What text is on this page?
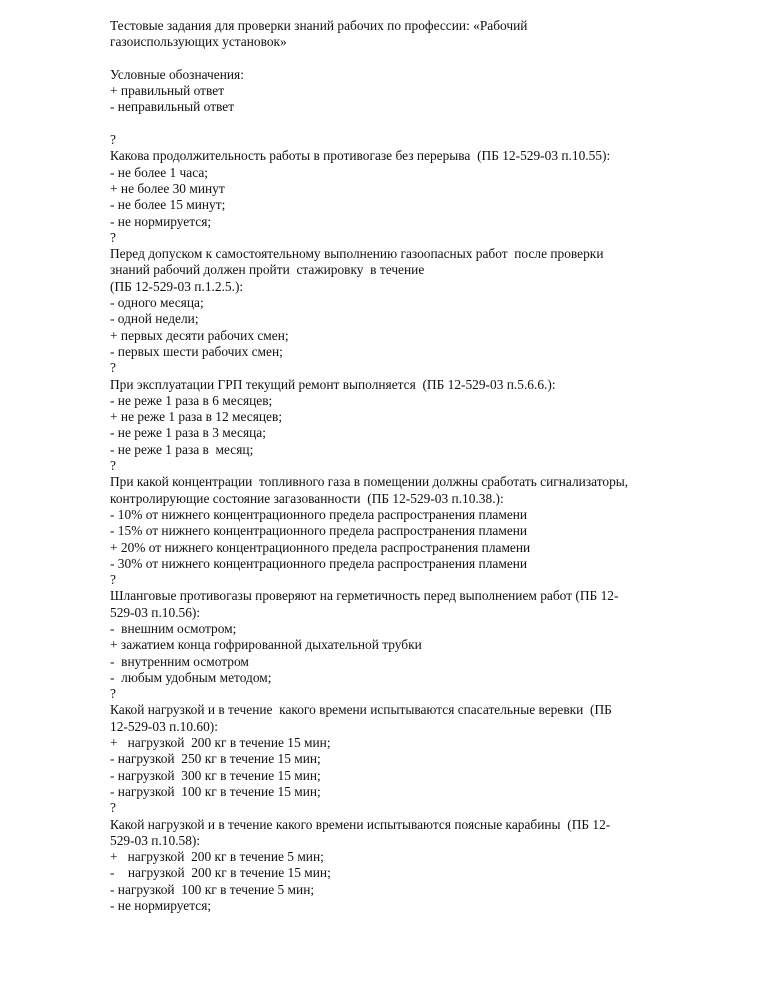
Тестовые задания для проверки знаний рабочих по профессии: «Рабочий

газоиспользующих установок»

Условные обозначения:

+ правильный ответ

- неправильный ответ

?

Какова продолжительность работы в противогазе без перерыва  (ПБ 12-529-03 п.10.55):

- не более 1 часа;

+ не более 30 минут

- не более 15 минут;

- не нормируется;

?

Перед допуском к самостоятельному выполнению газоопасных работ  после проверки

знаний рабочий должен пройти  стажировку  в течение

(ПБ 12-529-03 п.1.2.5.):

- одного месяца;

- одной недели;

+ первых десяти рабочих смен;

- первых шести рабочих смен;

?

При эксплуатации ГРП текущий ремонт выполняется  (ПБ 12-529-03 п.5.6.6.):

- не реже 1 раза в 6 месяцев;

+ не реже 1 раза в 12 месяцев;

- не реже 1 раза в 3 месяца;

- не реже 1 раза в  месяц;

?

При какой концентрации  топливного газа в помещении должны сработать сигнализаторы,

контролирующие состояние загазованности  (ПБ 12-529-03 п.10.38.):

- 10% от нижнего концентрационного предела распространения пламени

- 15% от нижнего концентрационного предела распространения пламени

+ 20% от нижнего концентрационного предела распространения пламени

- 30% от нижнего концентрационного предела распространения пламени

?

Шланговые противогазы проверяют на герметичность перед выполнением работ (ПБ 12-

529-03 п.10.56):

-  внешним осмотром;

+ зажатием конца гофрированной дыхательной трубки

-  внутренним осмотром

-  любым удобным методом;

?

Какой нагрузкой и в течение  какого времени испытываются спасательные веревки  (ПБ

12-529-03 п.10.60):

+   нагрузкой  200 кг в течение 15 мин;

- нагрузкой  250 кг в течение 15 мин;

- нагрузкой  300 кг в течение 15 мин;

- нагрузкой  100 кг в течение 15 мин;

?

Какой нагрузкой и в течение какого времени испытываются поясные карабины  (ПБ 12-

529-03 п.10.58):

+   нагрузкой  200 кг в течение 5 мин;

-    нагрузкой  200 кг в течение 15 мин;

- нагрузкой  100 кг в течение 5 мин;

- не нормируется;
